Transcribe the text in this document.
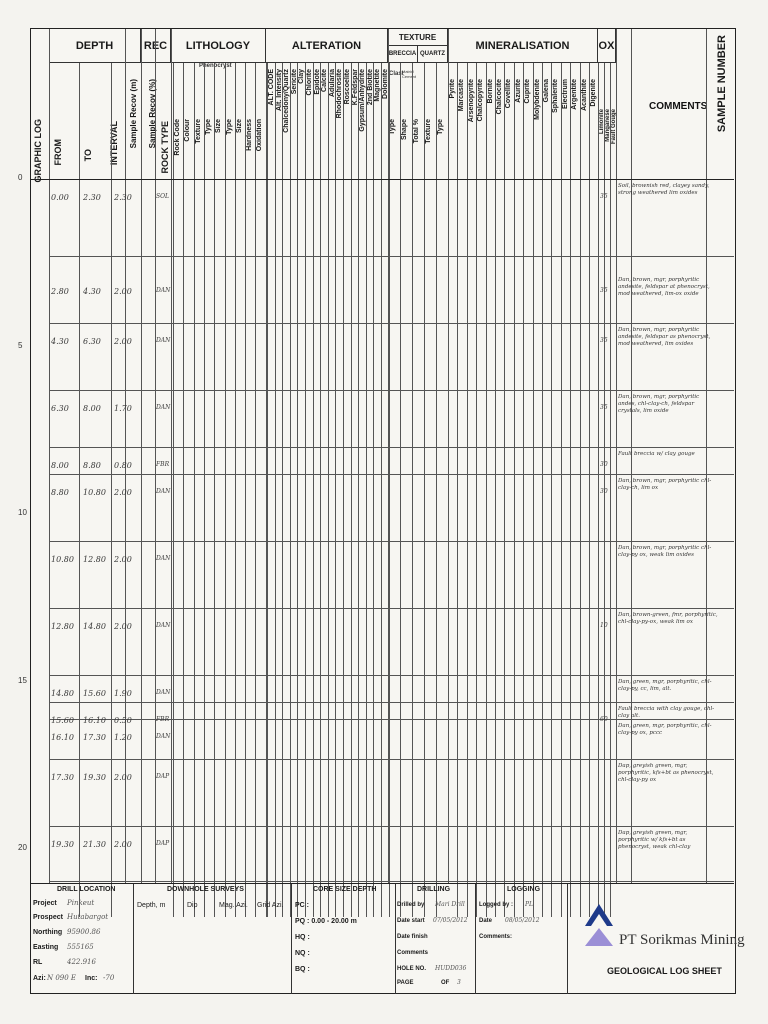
DEPTH	REC	LITHOLOGY	ALTERATION
TEXTURE
BRECCIA QUARTZ
MINERALISATION	OX
Phenocryst
Clast
Matrix/ Cement
COMMENTS SAMPLE NUMBER
GRAPHIC LOG FROM TO INTERVAL Sample Recov (m) Sample Recov (%) ROCK TYPE Rock Code Colour Texture Type Size Type Size Hardness Oxidation
ALT. CODE Alt. Intensity Chalcedony/Quartz Sericite Clay Chlorite Epidote Calcite Adularia Rhodochrosite Roscoelite K.Feldspar Gypsum/Anhydrite 2nd Biotite Magnetite Dolomite
Type Shape Total % Texture Type
Pyrite Marcasite Arsenopyrite Chalcopyrite Bornite Chalcocite Covellite Azurite Cuprite Molybdenite Galena Sphalerite Electrum Argentite Acanthite Digenite
Limonite Manganese Fault Gouge
0.00 2.30 2.30	SOL	35
Soil, brownish red, clayey sandy, strong weathered lim oxides
2.80 4.30 2.00	DAN	35
Dan, brown, mgr, porphyritic andesite, feldspar at phenocryst, mod weathered, lim-ox oxide
4.30 6.30 2.00	DAN	35
Dan, brown, mgr, porphyritic andesite, feldspar as phenocryst, mod weathered, lim oxides
6.30 8.00 1.70	DAN	35
Dan, brown, mgr, porphyritic andes, chl-clay-ch, feldspar crystals, lim oxide
8.00 8.80 0.80	FBR	30
Fault breccia w/ clay gouge
8.80 10.80 2.00	DAN	30
Dan, brown, mgr, porphyritic chl-clay-ch, lim ox
10.80 12.80 2.00	DAN
Dan, brown, mgr, porphyritic chl-clay-py ox, weak lim oxides
12.80 14.80 2.00	DAN	10
Dan, brown-green, fmr, porphyritic, chl-clay-py-ox, weak lim ox
14.80 15.60 1.90	DAN
Dan, green, mgr, porphyritic, chl-clay-py, cc, lim, alt.
15.60 16.10 0.50	FBR	60
Fault breccia with clay gouge, chl-clay alt.
16.10 17.30 1.20	DAN
Dan, green, mgr, porphyritic, chl-clay-py ox, pccc
17.30 19.30 2.00	DAP
Dap, greyish green, mgr, porphyritic, kfs+bt as phenocryst, chl-clay-py ox
19.30 21.30 2.00	DAP
Dap, greyish green, mgr, porphyritic w/ kfs+bt as phenocryst, weak chl-clay
DRILL LOCATION
Project Pinkeut
Prospect Hutabargot
Northing 95900.86
Easting 555165
RL	422.916
Azi: N 090 E Inc: -70
DOWNHOLE SURVEYS
Depth, m	Dip	Mag. Azi. Grid Azi.
CORE SIZE DEPTH
PC :
PQ : 0.00 - 20.00 m
HQ :
NQ :
BQ :
DRILLING
Drilled by Mari Drill
Date start 07/05/2012
Date finish
Comments
HOLE NO. HUDD036
PAGE	OF 3
LOGGING
Logged by : PL
Date 08/05/2012
Comments:	PT Sorikmas Mining
GEOLOGICAL LOG SHEET
0
5
10
15
20
